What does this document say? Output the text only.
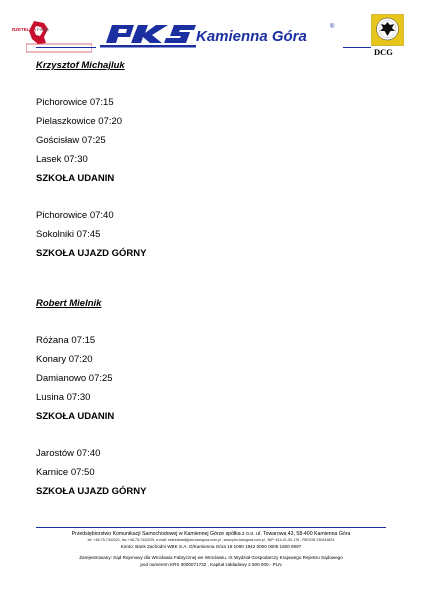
RZETELNA Firma	Kamienna Góra
®
DCG
Krzysztof Michajluk
Pichorowice 07:15
Pielaszkowice 07:20
Gościsław 07:25
Lasek 07:30
SZKOŁA UDANIN
Pichorowice 07:40
Sokolniki 07:45
SZKOŁA UJAZD GÓRNY
Robert Mielnik
Różana 07:15
Konary 07:20
Damianowo 07:25
Lusina 07:30
SZKOŁA UDANIN
Jarostów 07:40
Karnice 07:50
SZKOŁA UJAZD GÓRNY
Przedsiębiorstwo Komunikacji Samochodowej w Kamiennej Górze spółka z o.o. ul. Towarowa 43, 58-400 Kamienna Góra
tel. +48-75-7442021, fax +48-75-7442025, e-mail: sekretariat@pks-kamgora.com.pl , www.pks-kamgora.com.pl , NIP: 614-01-00-176 , REGON 230443824
Konto: Bank Zachodni WBK S.A. O/Kamienna Góra 16 1090 1942 0000 0005 1800 9097
Zarejestrowany: Sąd Rejonowy dla Wrocławia Fabrycznej we Wrocławiu, IX Wydział Gospodarczy Krajowego Rejestru Sądowego
pod numerem KRS 0000071732 , Kapitał zakładowy 2 500 000,- PLN
